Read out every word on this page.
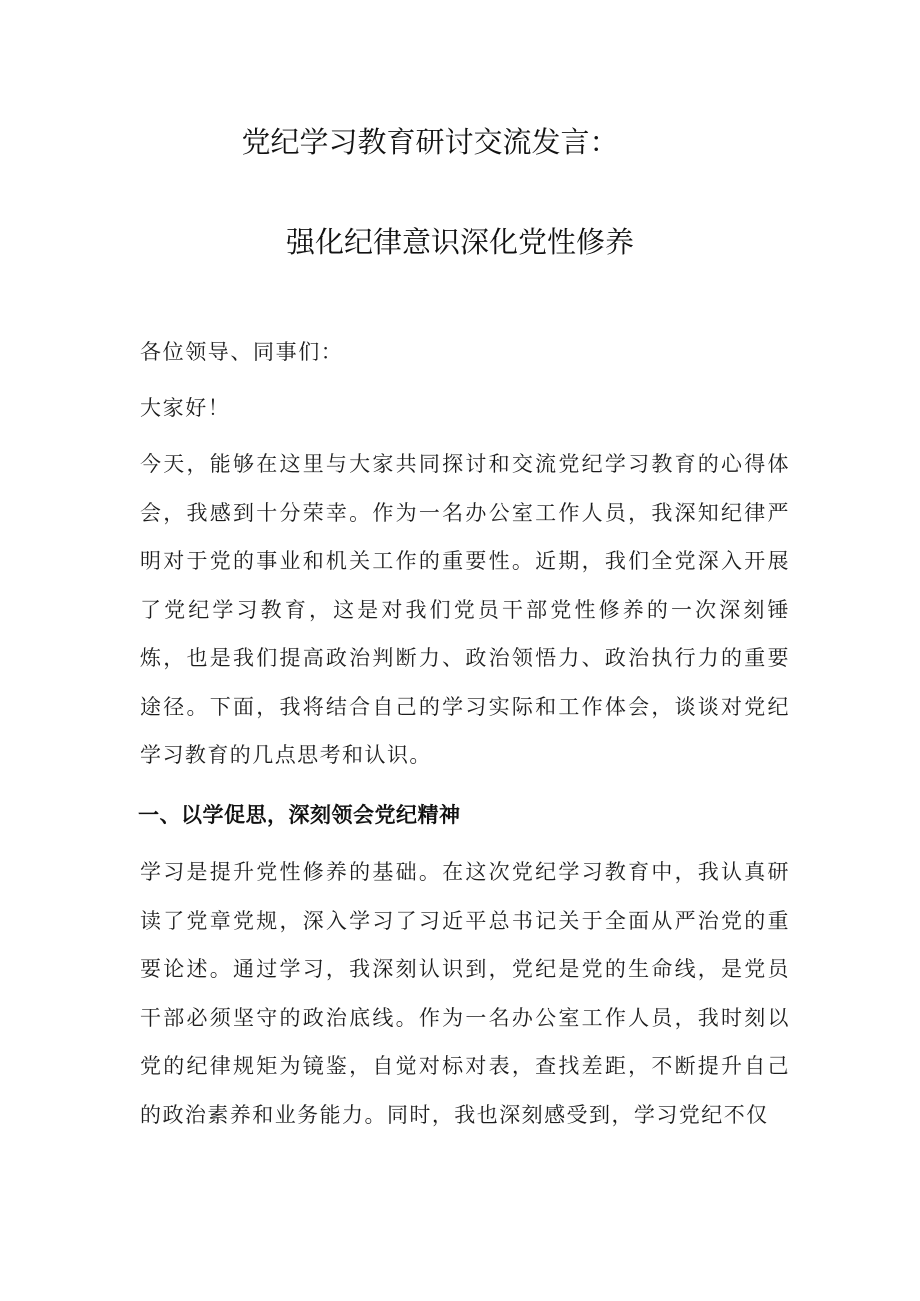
党纪学习教育研讨交流发言：
强化纪律意识深化党性修养
各位领导、同事们：
大家好！
今天，能够在这里与大家共同探讨和交流党纪学习教育的心得体会，我感到十分荣幸。作为一名办公室工作人员，我深知纪律严明对于党的事业和机关工作的重要性。近期，我们全党深入开展了党纪学习教育，这是对我们党员干部党性修养的一次深刻锤炼，也是我们提高政治判断力、政治领悟力、政治执行力的重要途径。下面，我将结合自己的学习实际和工作体会，谈谈对党纪学习教育的几点思考和认识。
一、以学促思，深刻领会党纪精神
学习是提升党性修养的基础。在这次党纪学习教育中，我认真研读了党章党规，深入学习了习近平总书记关于全面从严治党的重要论述。通过学习，我深刻认识到，党纪是党的生命线，是党员干部必须坚守的政治底线。作为一名办公室工作人员，我时刻以党的纪律规矩为镜鉴，自觉对标对表，查找差距，不断提升自己的政治素养和业务能力。同时，我也深刻感受到，学习党纪不仅
